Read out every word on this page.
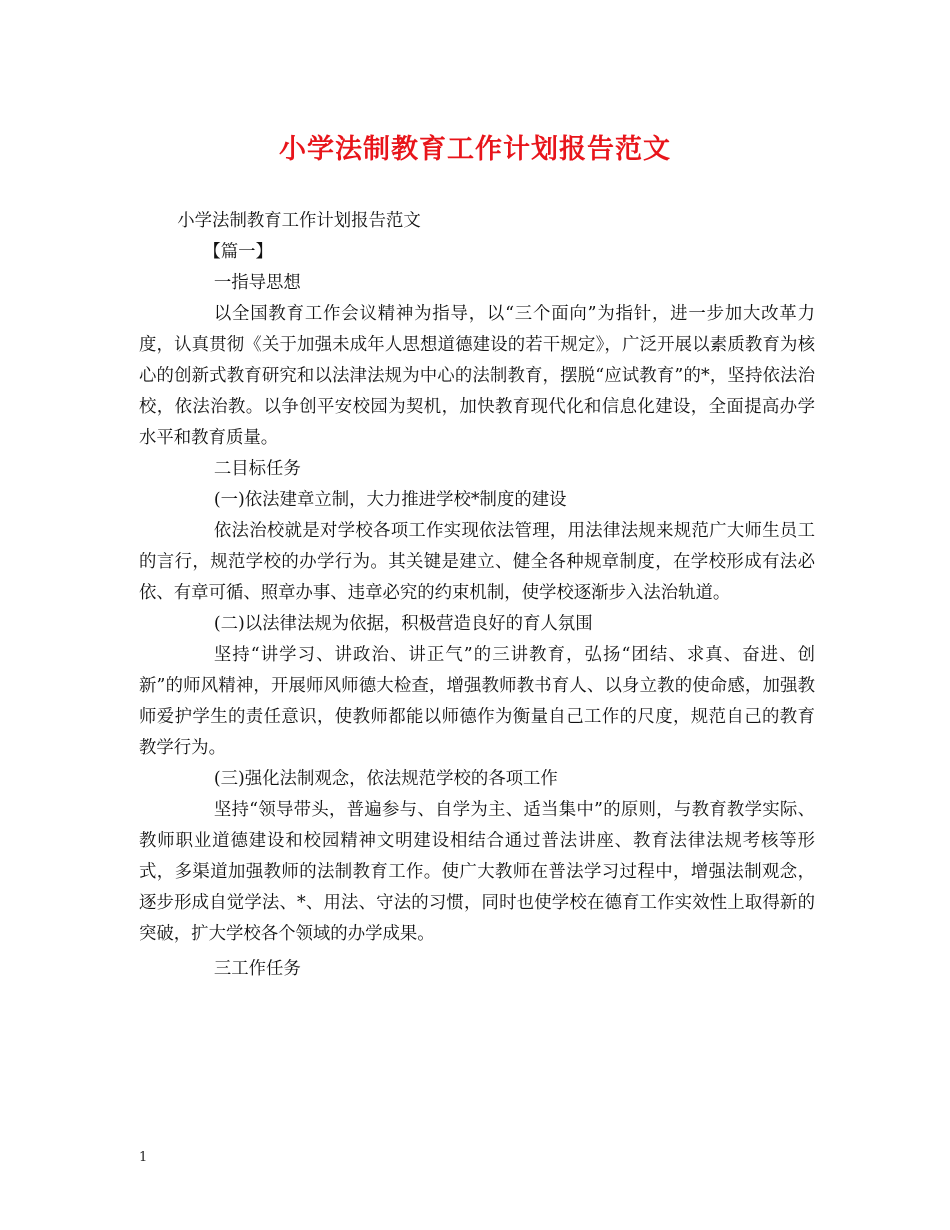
小学法制教育工作计划报告范文

小学法制教育工作计划报告范文

【篇一】

一指导思想

以全国教育工作会议精神为指导，以“三个面向”为指针，进一步加大改革力度，认真贯彻《关于加强未成年人思想道德建设的若干规定》，广泛开展以素质教育为核心的创新式教育研究和以法津法规为中心的法制教育，摆脱“应试教育”的*，坚持依法治校，依法治教。以争创平安校园为契机，加快教育现代化和信息化建设，全面提高办学水平和教育质量。

二目标任务

(一)依法建章立制，大力推进学校*制度的建设

依法治校就是对学校各项工作实现依法管理，用法律法规来规范广大师生员工的言行，规范学校的办学行为。其关键是建立、健全各种规章制度，在学校形成有法必依、有章可循、照章办事、违章必究的约束机制，使学校逐渐步入法治轨道。

(二)以法律法规为依据，积极营造良好的育人氛围

坚持“讲学习、讲政治、讲正气”的三讲教育，弘扬“团结、求真、奋进、创新”的师风精神，开展师风师德大检查，增强教师教书育人、以身立教的使命感，加强教师爱护学生的责任意识，使教师都能以师德作为衡量自己工作的尺度，规范自己的教育教学行为。

(三)强化法制观念，依法规范学校的各项工作

坚持“领导带头，普遍参与、自学为主、适当集中”的原则，与教育教学实际、教师职业道德建设和校园精神文明建设相结合通过普法讲座、教育法律法规考核等形式，多渠道加强教师的法制教育工作。使广大教师在普法学习过程中，增强法制观念，逐步形成自觉学法、*、用法、守法的习惯，同时也使学校在德育工作实效性上取得新的突破，扩大学校各个领域的办学成果。

三工作任务

1
